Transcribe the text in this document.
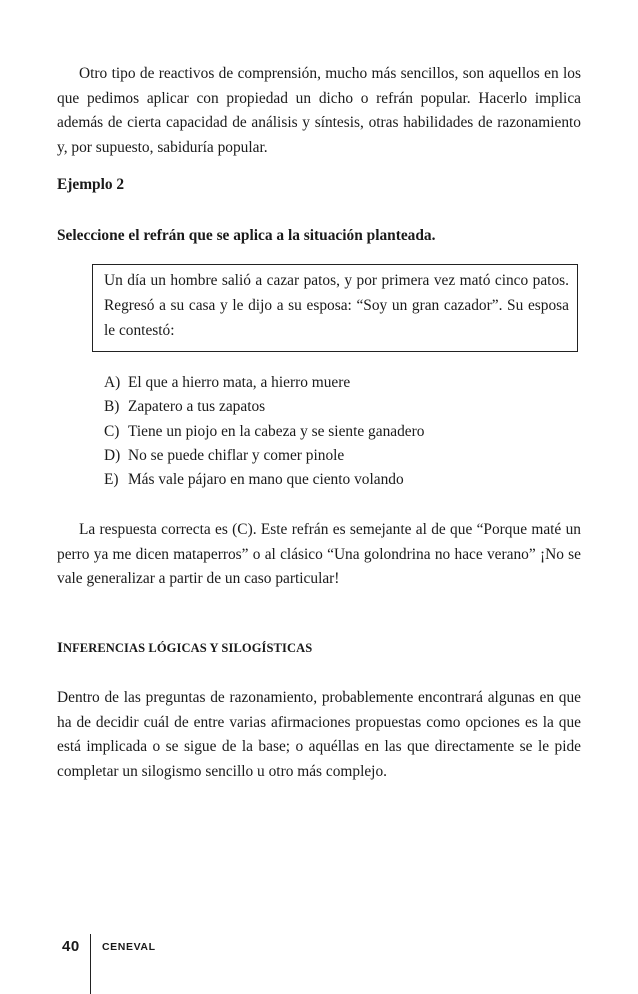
Otro tipo de reactivos de comprensión, mucho más sencillos, son aquellos en los que pedimos aplicar con propiedad un dicho o refrán popular. Hacerlo implica además de cierta capacidad de análisis y síntesis, otras habilidades de razonamiento y, por supuesto, sabiduría popular.

Ejemplo 2

Seleccione el refrán que se aplica a la situación planteada.

Un día un hombre salió a cazar patos, y por primera vez mató cinco patos. Regresó a su casa y le dijo a su esposa: “Soy un gran cazador”. Su esposa le contestó:
A) El que a hierro mata, a hierro muere
B) Zapatero a tus zapatos
C) Tiene un piojo en la cabeza y se siente ganadero
D) No se puede chiflar y comer pinole
E) Más vale pájaro en mano que ciento volando

La respuesta correcta es (C). Este refrán es semejante al de que “Porque maté un perro ya me dicen mataperros” o al clásico “Una golondrina no hace verano” ¡No se vale generalizar a partir de un caso particular!

INFERENCIAS LÓGICAS Y SILOGÍSTICAS

Dentro de las preguntas de razonamiento, probablemente encontrará algunas en que ha de decidir cuál de entre varias afirmaciones propuestas como opciones es la que está implicada o se sigue de la base; o aquéllas en las que directamente se le pide completar un silogismo sencillo u otro más complejo.

40 CENEVAL
